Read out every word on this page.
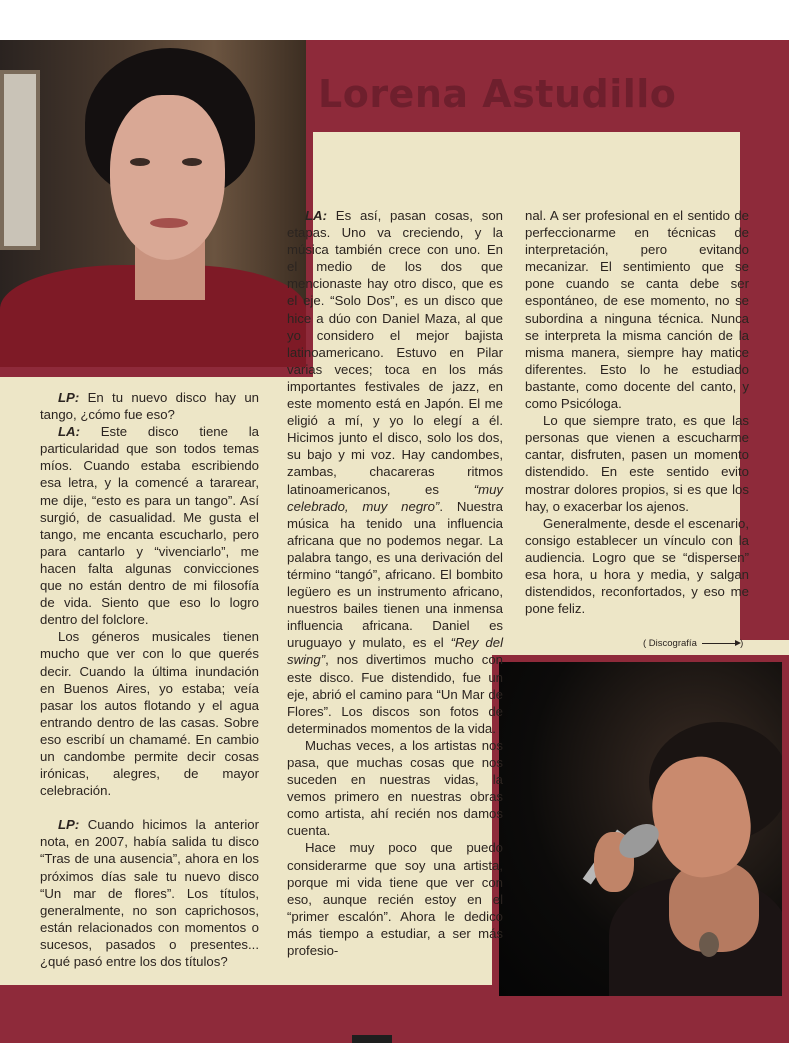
Lorena Astudillo

LP: En tu nuevo disco hay un tango, ¿cómo fue eso?

LA: Este disco tiene la particularidad que son todos temas míos. Cuando estaba escribiendo esa letra, y la comencé a tararear, me dije, “esto es para un tango”. Así surgió, de casualidad. Me gusta el tango, me encanta escucharlo, pero para cantarlo y “vivenciarlo”, me hacen falta algunas convicciones que no están dentro de mi filosofía de vida. Siento que eso lo logro dentro del folclore.

Los géneros musicales tienen mucho que ver con lo que querés decir. Cuando la última inundación en Buenos Aires, yo estaba; veía pasar los autos flotando y el agua entrando dentro de las casas. Sobre eso escribí un chamamé. En cambio un candombe permite decir cosas irónicas, alegres, de mayor celebración.

LP: Cuando hicimos la anterior nota, en 2007, había salida tu disco “Tras de una ausencia”, ahora en los próximos días sale tu nuevo disco “Un mar de flores”. Los títulos, generalmente, no son caprichosos, están relacionados con momentos o sucesos, pasados o presentes... ¿qué pasó entre los dos títulos?

LA: Es así, pasan cosas, son etapas. Uno va creciendo, y la música también crece con uno. En el medio de los dos que mencionaste hay otro disco, que es el eje. “Solo Dos”, es un disco que hice a dúo con Daniel Maza, al que yo considero el mejor bajista latinoamericano. Estuvo en Pilar varias veces; toca en los más importantes festivales de jazz, en este momento está en Japón. El me eligió a mí, y yo lo elegí a él. Hicimos junto el disco, solo los dos, su bajo y mi voz. Hay candombes, zambas, chacareras ritmos latinoamericanos, es “muy celebrado, muy negro”. Nuestra música ha tenido una influencia africana que no podemos negar. La palabra tango, es una derivación del término “tangó”, africano. El bombito legüero es un instrumento africano, nuestros bailes tienen una inmensa influencia africana. Daniel es uruguayo y mulato, es el “Rey del swing”, nos divertimos mucho con este disco. Fue distendido, fue un eje, abrió el camino para “Un Mar de Flores”. Los discos son fotos de determinados momentos de la vida.

Muchas veces, a los artistas nos pasa, que muchas cosas que nos suceden en nuestras vidas, la vemos primero en nuestras obras como artista, ahí recién nos damos cuenta.

Hace muy poco que puedo considerarme que soy una artista, porque mi vida tiene que ver con eso, aunque recién estoy en el “primer escalón”. Ahora le dedico más tiempo a estudiar, a ser más profesio-

nal. A ser profesional en el sentido de perfeccionarme en técnicas de interpretación, pero evitando mecanizar. El sentimiento que se pone cuando se canta debe ser espontáneo, de ese momento, no se subordina a ninguna técnica. Nunca se interpreta la misma canción de la misma manera, siempre hay matice diferentes. Esto lo he estudiado bastante, como docente del canto, y como Psicóloga.

Lo que siempre trato, es que las personas que vienen a escucharme cantar, disfruten, pasen un momento distendido. En este sentido evito mostrar dolores propios, si es que los hay, o exacerbar los ajenos.

Generalmente, desde el escenario, consigo establecer un vínculo con la audiencia. Logro que se “dispersen” esa hora, u hora y media, y salgan distendidos, reconfortados, y eso me pone feliz.

( Discografía	)
